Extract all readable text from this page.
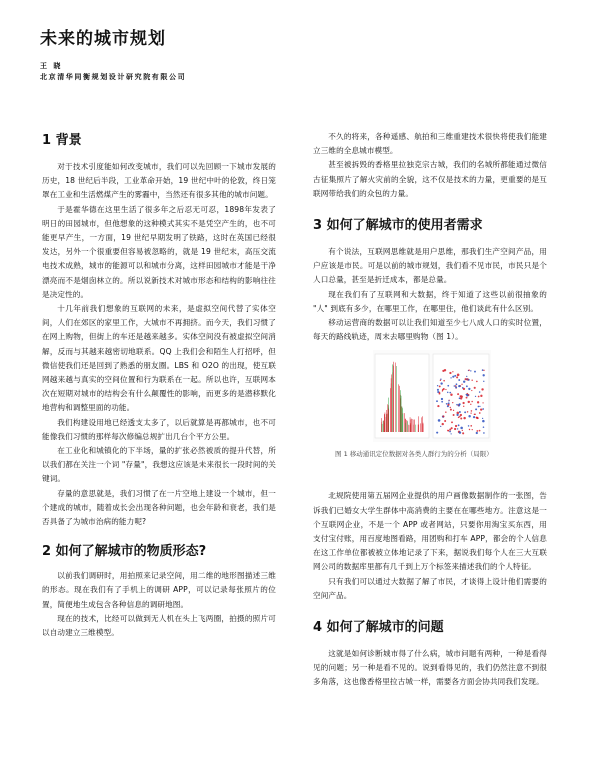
未来的城市规划
王 晓
北京清华同衡规划设计研究院有限公司
1 背景

对于技术引度能如何改变城市，我们可以先回顾一下城市发展的历史，18 世纪后半段，工业革命开始，19 世纪中叶的伦敦，终日笼罩在工业和生活燃煤产生的雾霾中，当然还有很多其他的城市问题。

于是霍华德在这里生活了很多年之后忍无可忍，1898年发表了明日的田园城市，但他想象的这种模式其实不是凭空产生的，也不可能更早产生，一方面，19 世纪早期发明了铁路，这时在英国已经很发达，另外一个很重要但容易被忽略的，就是 19 世纪末，高压交流电技术成熟，城市的能源可以和城市分离，这样田园城市才能是干净漂亮而不是烟囱林立的。所以说新技术对城市形态和结构的影响往往是决定性的。

十几年前我们想象的互联网的未来，是虚拟空间代替了实体空间，人们在郊区的家里工作，大城市不再拥挤。而今天，我们习惯了在网上购物，但街上的车还是越来越多。实体空间没有被虚拟空间消解，反而与其越来越密切地联系。QQ 上我们会和陌生人打招呼，但微信使我们还是回到了熟悉的朋友圈。LBS 和 O2O 的出现，使互联网越来越与真实的空间位置和行为联系在一起。所以也许，互联网本次在短期对城市的结构会有什么颠覆性的影响，而更多的是潜移默化地营构和调整里面的功能。

我们构建设用地已经透支太多了，以后就算是再都城市，也不可能像我们习惯的那样每次修编总规扩出几台个平方公里。

在工业化和城镇化的下半场，量的扩张必然被质的提升代替，所以我们都在关注一个词 "存量"，我想这应该是未来很长一段时间的关键词。

存量的意思就是，我们习惯了在一片空地上建设一个城市，但一个建成的城市，随着成长会出现各种问题，也会年龄和衰老，我们是否具备了为城市治病的能力呢?

2 如何了解城市的物质形态?

以前我们调研时，用拍照来记录空间，用二维的地形图描述三维的形态。现在我们有了手机上的调研 APP，可以记录每张照片的位置，简便地生成包含各种信息的调研地图。

现在的技术，比经可以做到无人机在头上飞两圈，拍摄的照片可以自动建立三维模型。

不久的将来，各种遥感、航拍和三维重建技术很快将使我们能建立三维的全息城市模型。

甚至被拆毁的香格里拉独克宗古城，我们的名城所都能通过微信古征集照片了解火灾前的全貌，这不仅是技术的力量，更重要的是互联网带给我们的众包的力量。

3 如何了解城市的使用者需求

有个说法，互联网思维就是用户思维，那我们生产空间产品，用户应该是市民。可是以前的城市规划，我们看不见市民，市民只是个人口总量，甚至是折迁成本，都是总量。

现在我们有了互联网和大数据，终于知道了这些以前很抽象的 "人" 到底有多少，在哪里工作，在哪里住，他们谈此有什么区别。

移动运营商的数据可以让我们知道至少七八成人口的实时位置，每天的路线轨迹，周末去哪里购物（图 1）。

图 1 移动通讯定位数据对各类人群行为的分析（局限）

北规院使用第五届网企业提供的用户画像数据制作的一张图，告诉我们已婚女大学生群体中高消费的主要在在哪些地方。注意这是一个互联网企业，不是一个 APP 或者网站，只要你用淘宝买东西，用支付宝付账，用百度地图看路，用团购和打车 APP，都会的个人信息在这工作单位都被被立体地记录了下来，据说我们每个人在三大互联网公司的数据库里都有几千到上万个标签来描述我们的个人特征。

只有我们可以通过大数据了解了市民，才谈得上设计他们需要的空间产品。

4 如何了解城市的问题

这就是如何诊断城市得了什么病，城市问题有两种，一种是看得见的问题；另一种是看不见的。说到看得见的，我们仍然注意不到很多角落，这也像香格里拉古城一样，需要各方面会协共同我们发现。
